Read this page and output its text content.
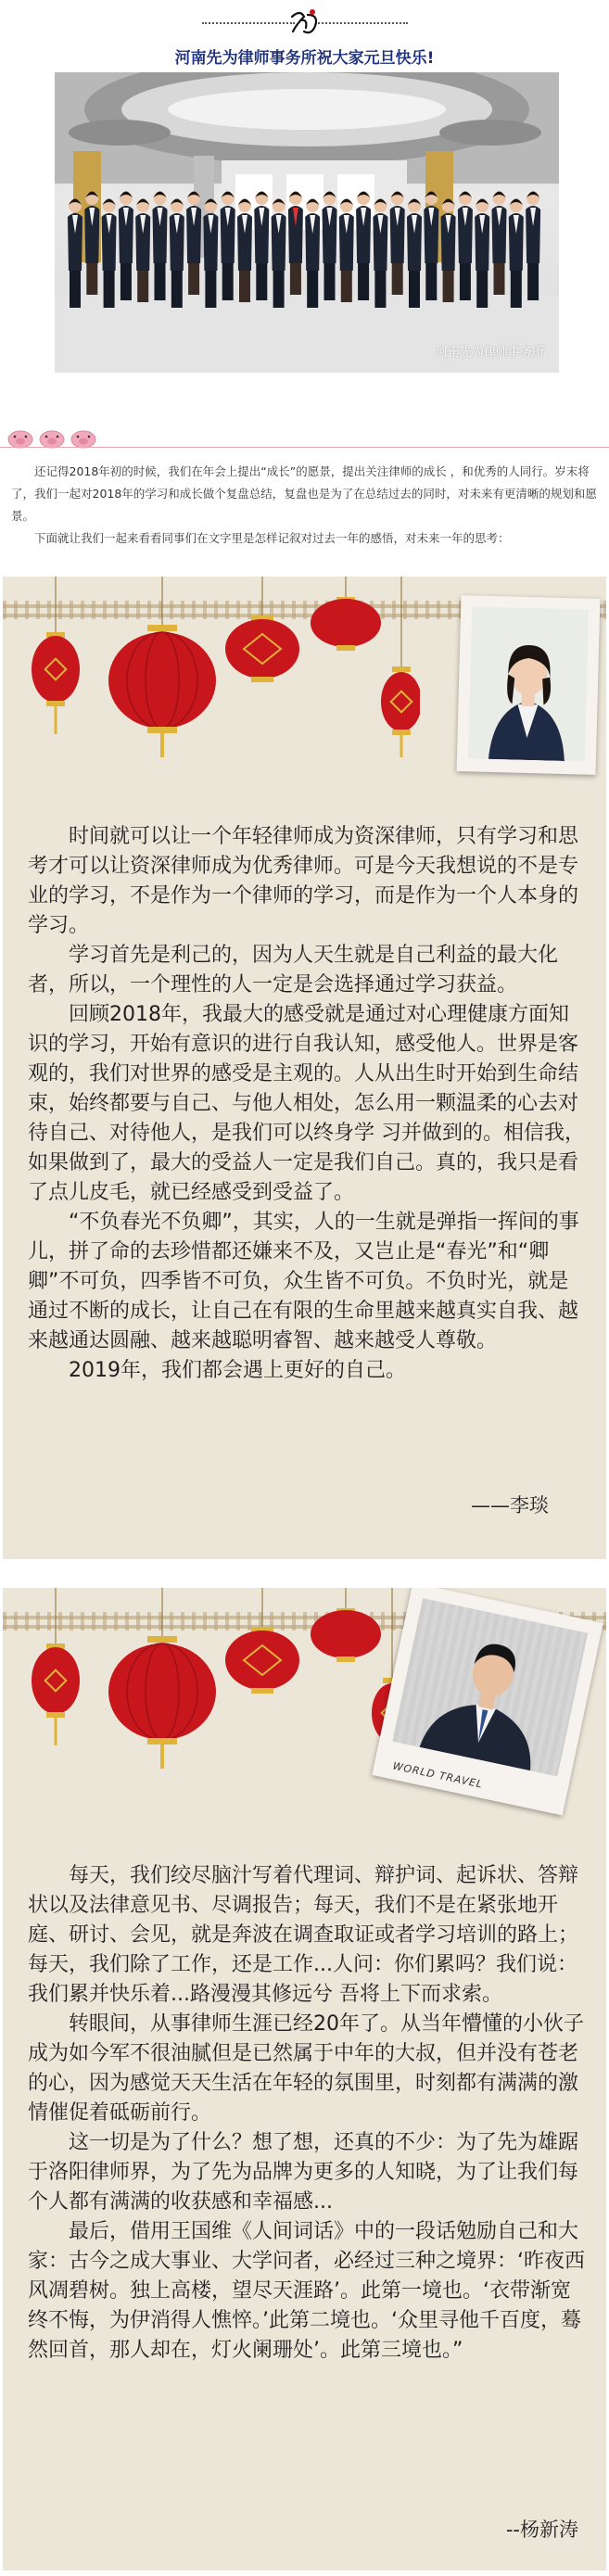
河南先为律师事务所祝大家元旦快乐!
河南先为律师事务所

还记得2018年初的时候，我们在年会上提出“成长”的愿景，提出关注律师的成长 ，和优秀的人同行。岁末将了，我们一起对2018年的学习和成长做个复盘总结，复盘也是为了在总结过去的同时，对未来有更清晰的规划和愿景。

下面就让我们一起来看看同事们在文字里是怎样记叙对过去一年的感悟，对未来一年的思考：

时间就可以让一个年轻律师成为资深律师，只有学习和思考才可以让资深律师成为优秀律师。可是今天我想说的不是专业的学习，不是作为一个律师的学习，而是作为一个人本身的学习。

学习首先是利己的，因为人天生就是自己利益的最大化者，所以，一个理性的人一定是会选择通过学习获益。

回顾2018年，我最大的感受就是通过对心理健康方面知识的学习，开始有意识的进行自我认知，感受他人。世界是客观的，我们对世界的感受是主观的。人从出生时开始到生命结束，始终都要与自己、与他人相处，怎么用一颗温柔的心去对待自己、对待他人，是我们可以终身学 习并做到的。相信我，如果做到了，最大的受益人一定是我们自己。真的，我只是看了点儿皮毛，就已经感受到受益了。

“不负春光不负卿”，其实，人的一生就是弹指一挥间的事儿，拼了命的去珍惜都还嫌来不及，又岂止是“春光”和“卿卿”不可负，四季皆不可负，众生皆不可负。不负时光，就是通过不断的成长，让自己在有限的生命里越来越真实自我、越来越通达圆融、越来越聪明睿智、越来越受人尊敬。

2019年，我们都会遇上更好的自己。

——李琰
WORLD TRAVEL

每天，我们绞尽脑汁写着代理词、辩护词、起诉状、答辩状以及法律意见书、尽调报告；每天，我们不是在紧张地开庭、研讨、会见，就是奔波在调查取证或者学习培训的路上；每天，我们除了工作，还是工作...人问：你们累吗？我们说：我们累并快乐着...路漫漫其修远兮 吾将上下而求索。

转眼间，从事律师生涯已经20年了。从当年懵懂的小伙子成为如今军不很油腻但是已然属于中年的大叔，但并没有苍老的心，因为感觉天天生活在年轻的氛围里，时刻都有满满的激情催促着砥砺前行。

这一切是为了什么？想了想，还真的不少：为了先为雄踞于洛阳律师界，为了先为品牌为更多的人知晓，为了让我们每个人都有满满的收获感和幸福感...

最后，借用王国维《人间词话》中的一段话勉励自己和大家：古今之成大事业、大学问者，必经过三种之境界：‘昨夜西风凋碧树。独上高楼，望尽天涯路’。此第一境也。‘衣带渐宽终不悔，为伊消得人憔悴。’此第二境也。‘众里寻他千百度，蓦然回首，那人却在，灯火阑珊处’。此第三境也。”

--杨新涛
